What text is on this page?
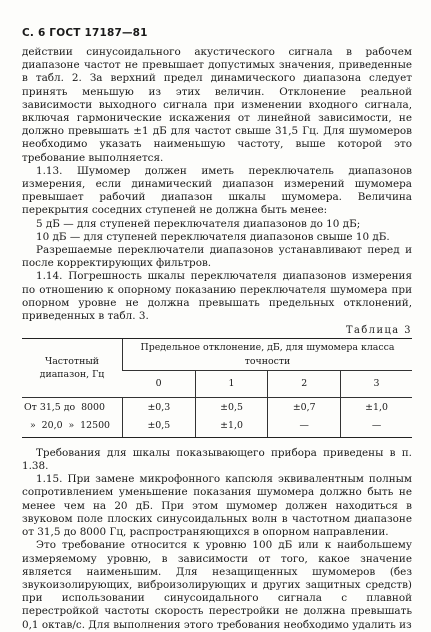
С. 6 ГОСТ 17187—81

действии синусоидального акустического сигнала в рабочем диапазоне частот не превышает допустимых значения, приведенные в табл. 2. За верхний предел динамического диапазона следует принять меньшую из этих величин. Отклонение реальной зависимости выходного сигнала при изменении входного сигнала, включая гармонические искажения от линейной зависимости, не должно превышать ±1 дБ для частот свыше 31,5 Гц. Для шумомеров необходимо указать наименьшую частоту, выше которой это требование выполняется.

1.13. Шумомер должен иметь переключатель диапазонов измерения, если динамический диапазон измерений шумомера превышает рабочий диапазон шкалы шумомера. Величина перекрытия соседних ступеней не должна быть менее:

5 дБ — для ступеней переключателя диапазонов до 10 дБ;

10 дБ — для ступеней переключателя диапазонов свыше 10 дБ.

Разрешаемые переключатели диапазонов устанавливают перед и после корректирующих фильтров.

1.14. Погрешность шкалы переключателя диапазонов измерения по отношению к опорному показанию переключателя шумомера при опорном уровне не должна превышать предельных отклонений, приведенных в табл. 3.

Таблица 3
Частотный диапазон, Гц	Предельное отклонение, дБ, для шумомера класса точности			
	0	1	2	3
От 31,5 до  8000	±0,3	±0,5	±0,7	±1,0
»  20,0  »  12500	±0,5	±1,0	—	—

Требования для шкалы показывающего прибора приведены в п. 1.38.

1.15. При замене микрофонного капсюля эквивалентным полным сопротивлением уменьшение показания шумомера должно быть не менее чем на 20 дБ. При этом шумомер должен находиться в звуковом поле плоских синусоидальных волн в частотном диапазоне от 31,5 до 8000 Гц, распространяющихся в опорном направлении.

Это требование относится к уровню 100 дБ или к наибольшему измеряемому уровню, в зависимости от того, какое значение является наименьшим. Для незащищенных шумомеров (без звукоизолирующих, виброизолирующих и других защитных средств) при использовании синусоидального сигнала с плавной перестройкой частоты скорость перестройки не должна превышать 0,1 октав/с. Для выполнения этого требования необходимо удалить из
